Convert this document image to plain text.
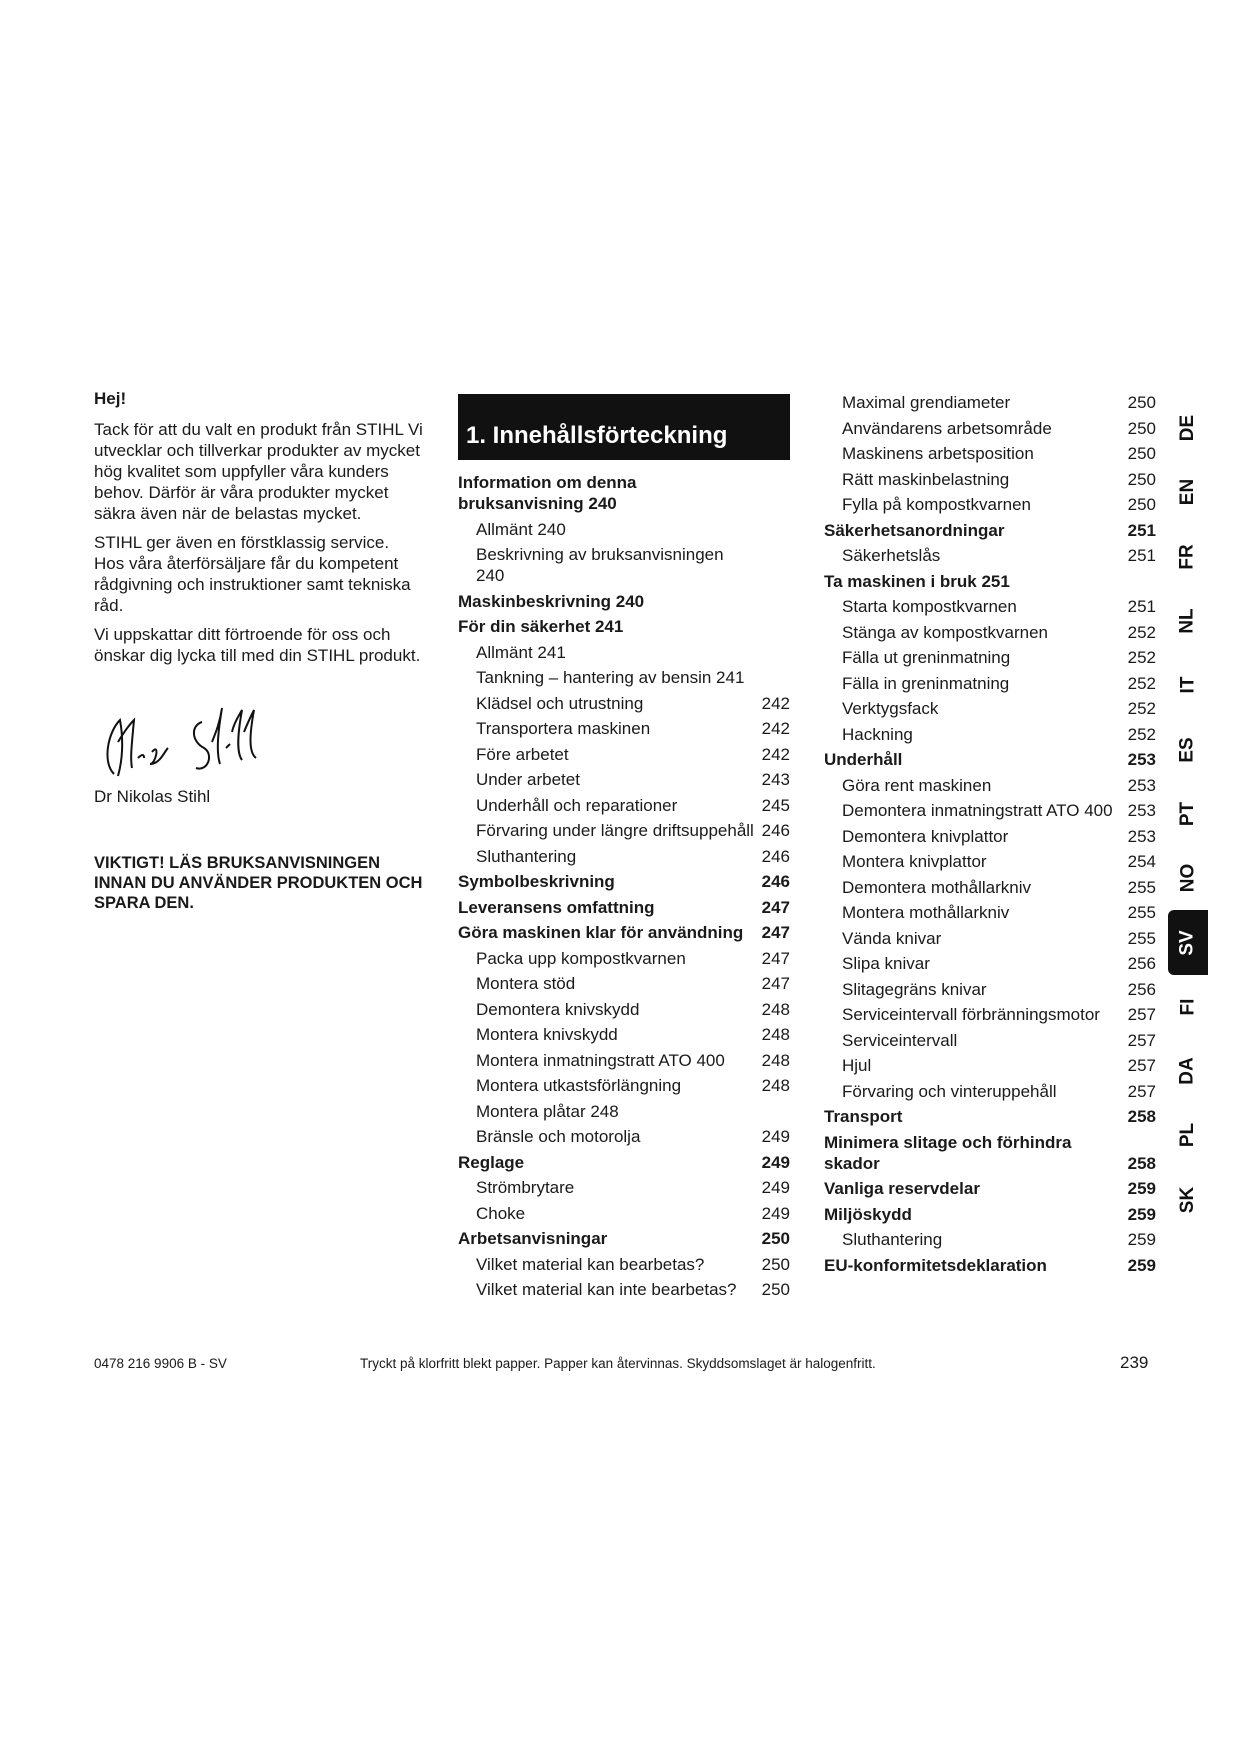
Hej!

Tack för att du valt en produkt från STIHL Vi utvecklar och tillverkar produkter av mycket hög kvalitet som uppfyller våra kunders behov. Därför är våra produkter mycket säkra även när de belastas mycket.

STIHL ger även en förstklassig service. Hos våra återförsäljare får du kompetent rådgivning och instruktioner samt tekniska råd.

Vi uppskattar ditt förtroende för oss och önskar dig lycka till med din STIHL produkt.

Dr Nikolas Stihl

VIKTIGT! LÄS BRUKSANVISNINGEN INNAN DU ANVÄNDER PRODUKTEN OCH SPARA DEN.

1. Innehållsförteckning
Information om denna bruksanvisning 240
Allmänt 240
Beskrivning av bruksanvisningen 240
Maskinbeskrivning 240
För din säkerhet 241
Allmänt 241
Tankning – hantering av bensin 241
Klädsel och utrustning	242
Transportera maskinen	242
Före arbetet	242
Under arbetet	243
Underhåll och reparationer	245
Förvaring under längre driftsuppehåll 246
Sluthantering	246
Symbolbeskrivning	246
Leveransens omfattning	247
Göra maskinen klar för användning	247
Packa upp kompostkvarnen	247
Montera stöd	247
Demontera knivskydd	248
Montera knivskydd	248
Montera inmatningstratt ATO 400	248
Montera utkastsförlängning	248
Montera plåtar 248
Bränsle och motorolja	249
Reglage	249
Strömbrytare	249
Choke	249
Arbetsanvisningar	250
Vilket material kan bearbetas?	250
Vilket material kan inte bearbetas?	250
Maximal grendiameter	250
Användarens arbetsområde	250
Maskinens arbetsposition	250
Rätt maskinbelastning	250
Fylla på kompostkvarnen	250
Säkerhetsanordningar	251
Säkerhetslås	251
Ta maskinen i bruk 251
Starta kompostkvarnen	251
Stänga av kompostkvarnen	252
Fälla ut greninmatning	252
Fälla in greninmatning	252
Verktygsfack	252
Hackning	252
Underhåll	253
Göra rent maskinen	253
Demontera inmatningstratt ATO 400 253
Demontera knivplattor	253
Montera knivplattor	254
Demontera mothållarkniv	255
Montera mothållarkniv	255
Vända knivar	255
Slipa knivar	256
Slitagegräns knivar	256
Serviceintervall förbränningsmotor	257
Serviceintervall	257
Hjul	257
Förvaring och vinteruppehåll	257
Transport	258
Minimera slitage och förhindra skador	258
Vanliga reservdelar	259
Miljöskydd	259
Sluthantering	259
EU-konformitetsdeklaration	259
DE
EN
FR
NL
IT
ES
PT
NO
SV
FI
DA
PL
SK
0478 216 9906 B - SV	Tryckt på klorfritt blekt papper. Papper kan återvinnas. Skyddsomslaget är halogenfritt.	239
